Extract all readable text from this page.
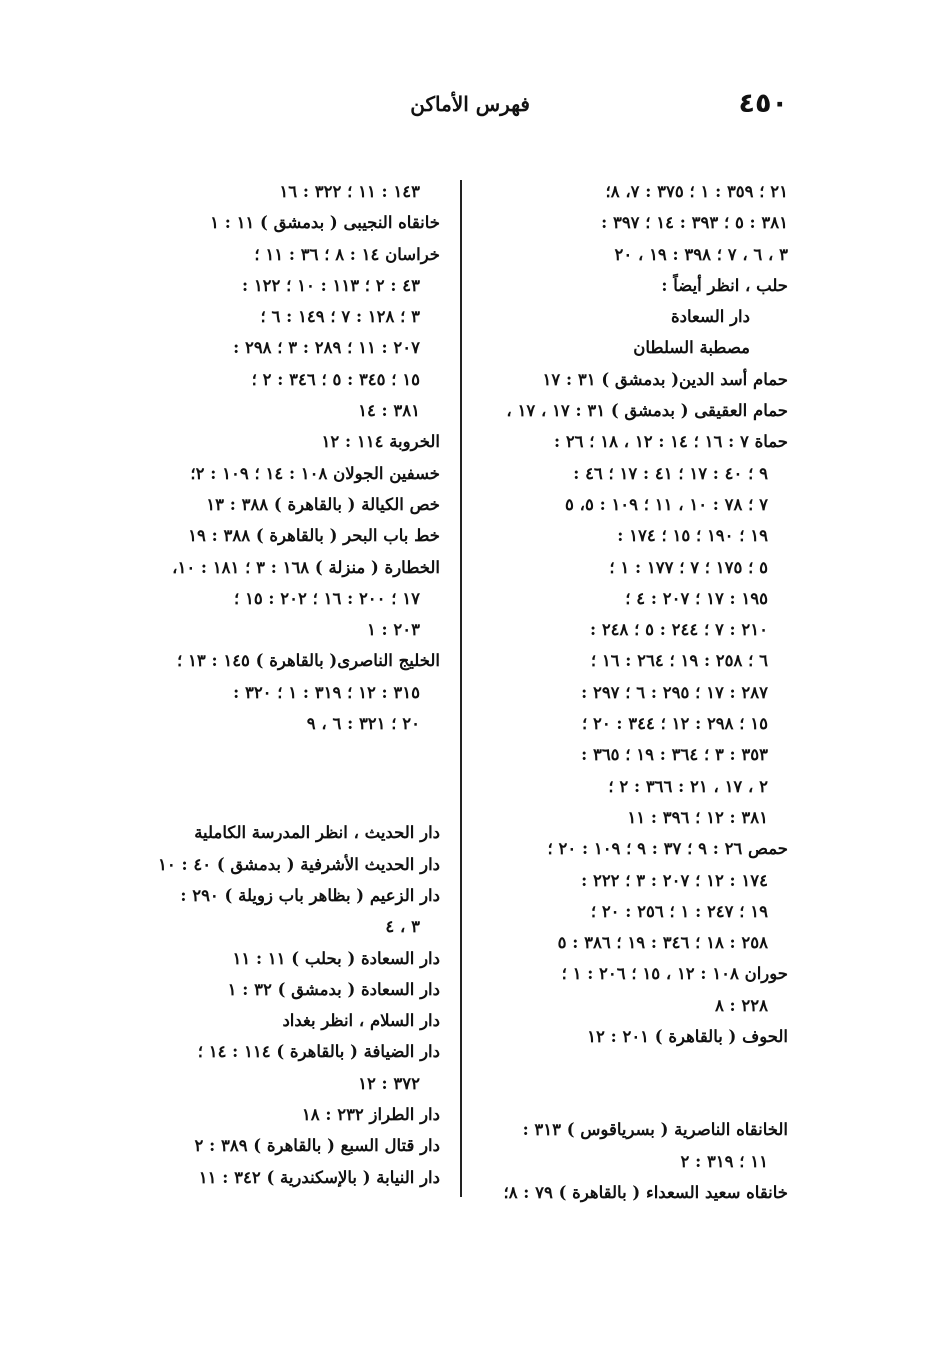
٤٥٠
فهرس الأماكن
٢١ ؛ ٣٥٩ : ١ ؛ ٣٧٥ : ٧، ٨؛
٣٨١ : ٥ ؛ ٣٩٣ : ١٤ ؛ ٣٩٧ :
٣ ، ٦ ، ٧ ؛ ٣٩٨ : ١٩ ، ٢٠
حلب ، انظر أيضاً :
دار السعادة
مصطبة السلطان
حمام أسد الدين( بدمشق ) ٣١ : ١٧
حمام العقيقى ( بدمشق ) ٣١ : ١٧ ، ١٧ ،
حماة ٧ : ١٦ ؛ ١٤ : ١٢ ، ١٨ ؛ ٢٦ :
٩ ؛ ٤٠ : ١٧ ؛ ٤١ : ١٧ ؛ ٤٦ :
٧ ؛ ٧٨ : ١٠ ، ١١ ؛ ١٠٩ : ٥، ٥
١٩ ؛ ١٩٠ ؛ ١٥ ؛ ١٧٤ :
٥ ؛ ١٧٥ ؛ ٧ ؛ ١٧٧ : ١ ؛
١٩٥ : ١٧ ؛ ٢٠٧ : ٤ ؛
٢١٠ : ٧ ؛ ٢٤٤ : ٥ ؛ ٢٤٨ :
٦ ؛ ٢٥٨ : ١٩ ؛ ٢٦٤ : ١٦ ؛
٢٨٧ : ١٧ ؛ ٢٩٥ : ٦ ؛ ٢٩٧ :
١٥ ؛ ٢٩٨ : ١٢ ؛ ٣٤٤ : ٢٠ ؛
٣٥٣ : ٣ ؛ ٣٦٤ : ١٩ ؛ ٣٦٥ :
٢ ، ١٧ ، ٢١ : ٣٦٦ : ٢ ؛
٣٨١ : ١٢ ؛ ٣٩٦ : ١١
حمص ٢٦ : ٩ ؛ ٣٧ : ٩ ؛ ١٠٩ : ٢٠ ؛
١٧٤ : ١٢ ؛ ٢٠٧ : ٣ ؛ ٢٢٢ :
١٩ ؛ ٢٤٧ : ١ ؛ ٢٥٦ : ٢٠ ؛
٢٥٨ : ١٨ ؛ ٣٤٦ : ١٩ ؛ ٣٨٦ : ٥
حوران ١٠٨ : ١٢ ، ١٥ ؛ ٢٠٦ : ١ ؛
٢٢٨ : ٨
الحوف ( بالقاهرة ) ٢٠١ : ١٢
الخانقاه الناصرية ( بسرياقوس ) ٣١٣ :
١١ ؛ ٣١٩ : ٢
خانقاه سعيد السعداء ( بالقاهرة ) ٧٩ : ٨؛
١٤٣ : ١١ ؛ ٣٢٢ : ١٦
خانقاه النجيبى ( بدمشق ) ١١ : ١
خراسان ١٤ : ٨ ؛ ٣٦ : ١١ ؛
٤٣ : ٢ ؛ ١١٣ : ١٠ ؛ ١٢٢ :
٣ ؛ ١٢٨ : ٧ ؛ ١٤٩ : ٦ ؛
٢٠٧ : ١١ ؛ ٢٨٩ : ٣ ؛ ٢٩٨ :
١٥ ؛ ٣٤٥ : ٥ ؛ ٣٤٦ : ٢ ؛
٣٨١ : ١٤
الخروبة ١١٤ : ١٢
خسفين الجولان ١٠٨ : ١٤ ؛ ١٠٩ : ٢؛
خص الكيالة ( بالقاهرة ) ٣٨٨ : ١٣
خط باب البحر ( بالقاهرة ) ٣٨٨ : ١٩
الخطارة ( منزلة ) ١٦٨ : ٣ ؛ ١٨١ : ١٠،
١٧ ؛ ٢٠٠ : ١٦ ؛ ٢٠٢ : ١٥ ؛
٢٠٣ : ١
الخليج الناصرى( بالقاهرة ) ١٤٥ : ١٣ ؛
٣١٥ : ١٢ ؛ ٣١٩ : ١ ؛ ٣٢٠ :
٢٠ ؛ ٣٢١ : ٦ ، ٩
دار الحديث ، انظر المدرسة الكاملية
دار الحديث الأشرفية ( بدمشق ) ٤٠ : ١٠
دار الزعيم ( بظاهر باب زويلة ) ٢٩٠ :
٣ ، ٤
دار السعادة ( بحلب ) ١١ : ١١
دار السعادة ( بدمشق ) ٣٢ : ١
دار السلام ، انظر بغداد
دار الضيافة ( بالقاهرة ) ١١٤ : ١٤ ؛
٣٧٢ : ١٢
دار الطراز ٢٣٢ : ١٨
دار قتال السبع ( بالقاهرة ) ٣٨٩ : ٢
دار النيابة ( بالإسكندرية ) ٣٤٢ : ١١
